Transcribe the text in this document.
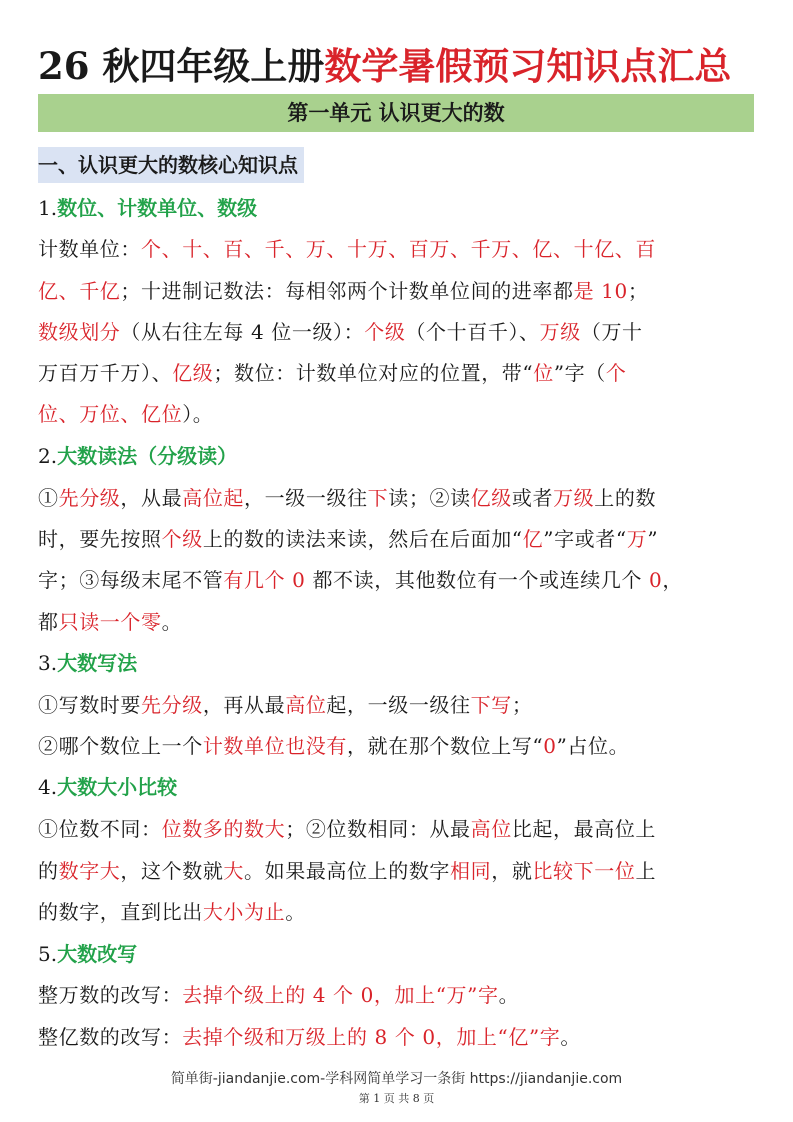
26 秋四年级上册数学暑假预习知识点汇总
第一单元 认识更大的数
一、认识更大的数核心知识点
1.数位、计数单位、数级
计数单位：个、十、百、千、万、十万、百万、千万、亿、十亿、百
亿、千亿；十进制记数法：每相邻两个计数单位间的进率都是 10；
数级划分（从右往左每 4 位一级）：个级（个十百千）、万级（万十
万百万千万）、亿级；数位：计数单位对应的位置，带“位”字（个
位、万位、亿位）。
2.大数读法（分级读）
①先分级，从最高位起，一级一级往下读；②读亿级或者万级上的数
时，要先按照个级上的数的读法来读，然后在后面加“亿”字或者“万”
字；③每级末尾不管有几个 0 都不读，其他数位有一个或连续几个 0，
都只读一个零。
3.大数写法
①写数时要先分级，再从最高位起，一级一级往下写；
②哪个数位上一个计数单位也没有，就在那个数位上写“0”占位。
4.大数大小比较
①位数不同：位数多的数大；②位数相同：从最高位比起，最高位上
的数字大，这个数就大。如果最高位上的数字相同，就比较下一位上
的数字，直到比出大小为止。
5.大数改写
整万数的改写：去掉个级上的 4 个 0，加上“万”字。
整亿数的改写：去掉个级和万级上的 8 个 0，加上“亿”字。
简单街-jiandanjie.com-学科网简单学习一条街 https://jiandanjie.com
第 1 页 共 8 页
